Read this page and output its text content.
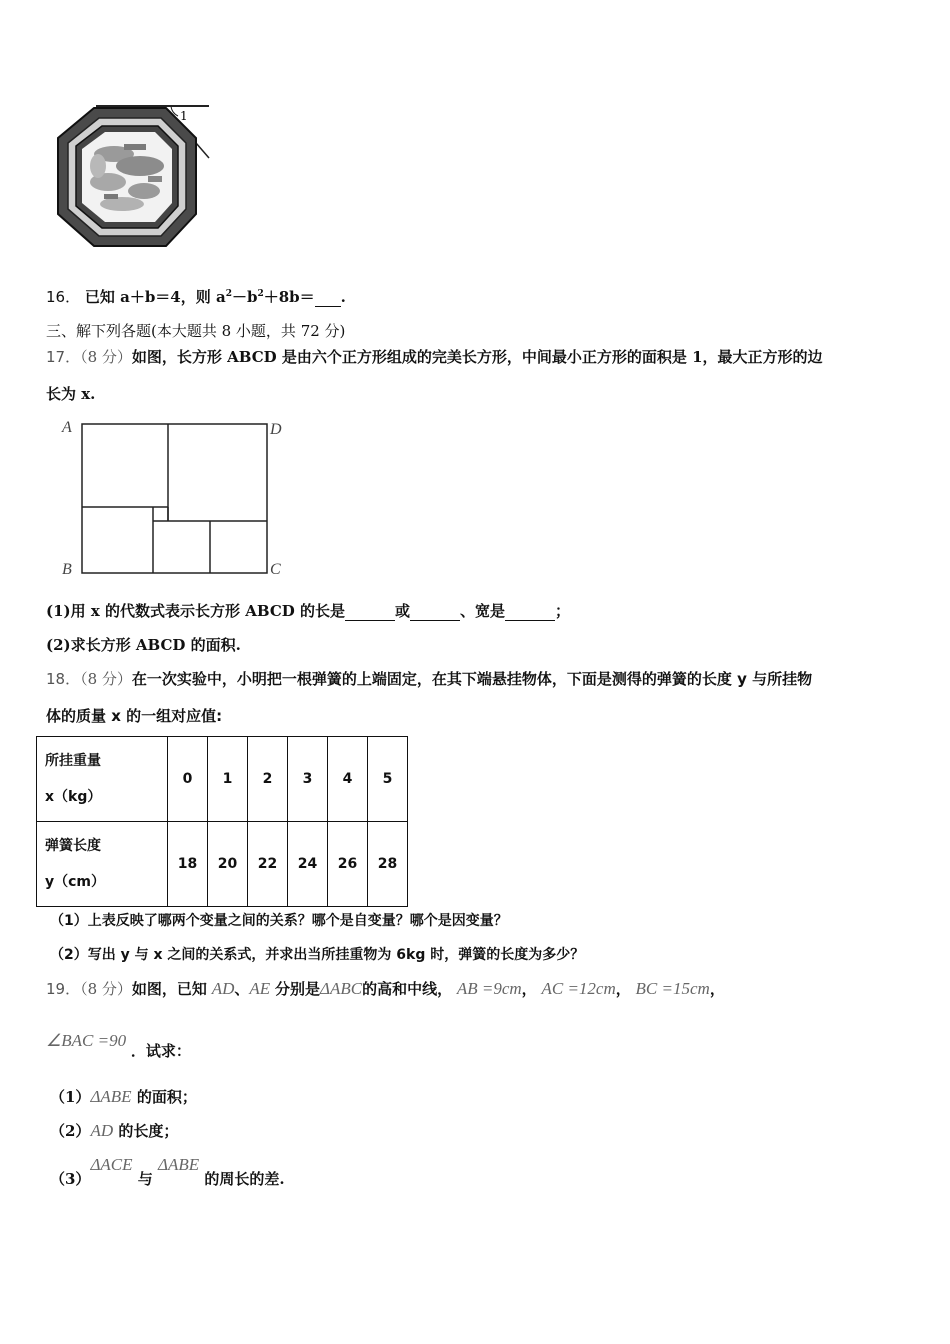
1
16． 已知 a＋b＝4，则 $a^2-b^2+8b=$ .
三、解下列各题(本大题共 8 小题，共 72 分)
17．（8 分）如图，长方形 ABCD 是由六个正方形组成的完美长方形，中间最小正方形的面积是 1，最大正方形的边
长为 x.
A	D
B	C
(1)用 x 的代数式表示长方形 ABCD 的长是	或	、宽是	；
(2)求长方形 ABCD 的面积.
18．（8 分）在一次实验中，小明把一根弹簧的上端固定，在其下端悬挂物体，下面是测得的弹簧的长度 y 与所挂物
体的质量 x 的一组对应值:
所挂重量
x（kg）	0	1	2	3	4	5
弹簧长度
y（cm）	18	20	22	24	26	28
（1）上表反映了哪两个变量之间的关系？哪个是自变量？哪个是因变量？
（2）写出 y 与 x 之间的关系式，并求出当所挂重物为 6kg 时，弹簧的长度为多少？
19．（8 分）如图，已知 AD、AE 分别是ΔABC的高和中线， AB =9cm， AC =12cm， BC =15cm，
∠BAC =90 ．试求：
（1）ΔABE 的面积；
（2）AD 的长度；
（3）ΔACE 与 ΔABE 的周长的差.
